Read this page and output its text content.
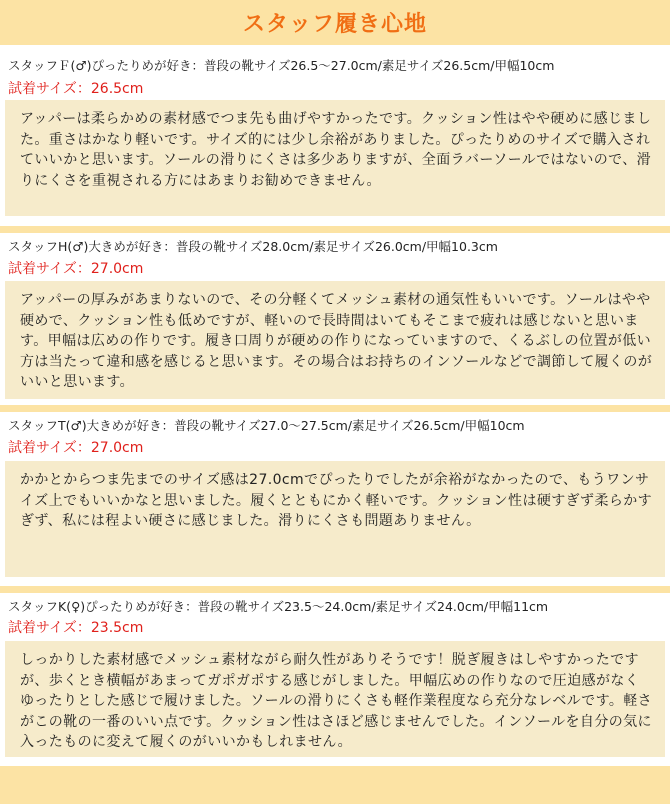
スタッフ履き心地
スタッフＦ(♂)ぴったりめが好き：普段の靴サイズ26.5～27.0cm/素足サイズ26.5cm/甲幅10cm
試着サイズ：26.5cm
アッパーは柔らかめの素材感でつま先も曲げやすかったです。クッション性はやや硬めに感じました。重さはかなり軽いです。サイズ的には少し余裕がありました。ぴったりめのサイズで購入されていいかと思います。ソールの滑りにくさは多少ありますが、全面ラバーソールではないので、滑りにくさを重視される方にはあまりお勧めできません。
スタッフH(♂)大きめが好き：普段の靴サイズ28.0cm/素足サイズ26.0cm/甲幅10.3cm
試着サイズ：27.0cm
アッパーの厚みがあまりないので、その分軽くてメッシュ素材の通気性もいいです。ソールはやや硬めで、クッション性も低めですが、軽いので長時間はいてもそこまで疲れは感じないと思います。甲幅は広めの作りです。履き口周りが硬めの作りになっていますので、くるぶしの位置が低い方は当たって違和感を感じると思います。その場合はお持ちのインソールなどで調節して履くのがいいと思います。
スタッフT(♂)大きめが好き：普段の靴サイズ27.0～27.5cm/素足サイズ26.5cm/甲幅10cm
試着サイズ：27.0cm
かかとからつま先までのサイズ感は27.0cmでぴったりでしたが余裕がなかったので、もうワンサイズ上でもいいかなと思いました。履くとともにかく軽いです。クッション性は硬すぎず柔らかすぎず、私には程よい硬さに感じました。滑りにくさも問題ありません。
スタッフK(♀)ぴったりめが好き：普段の靴サイズ23.5～24.0cm/素足サイズ24.0cm/甲幅11cm
試着サイズ：23.5cm
しっかりした素材感でメッシュ素材ながら耐久性がありそうです！脱ぎ履きはしやすかったですが、歩くとき横幅があまってガポガポする感じがしました。甲幅広めの作りなので圧迫感がなくゆったりとした感じで履けました。ソールの滑りにくさも軽作業程度なら充分なレベルです。軽さがこの靴の一番のいい点です。クッション性はさほど感じませんでした。インソールを自分の気に入ったものに変えて履くのがいいかもしれません。
